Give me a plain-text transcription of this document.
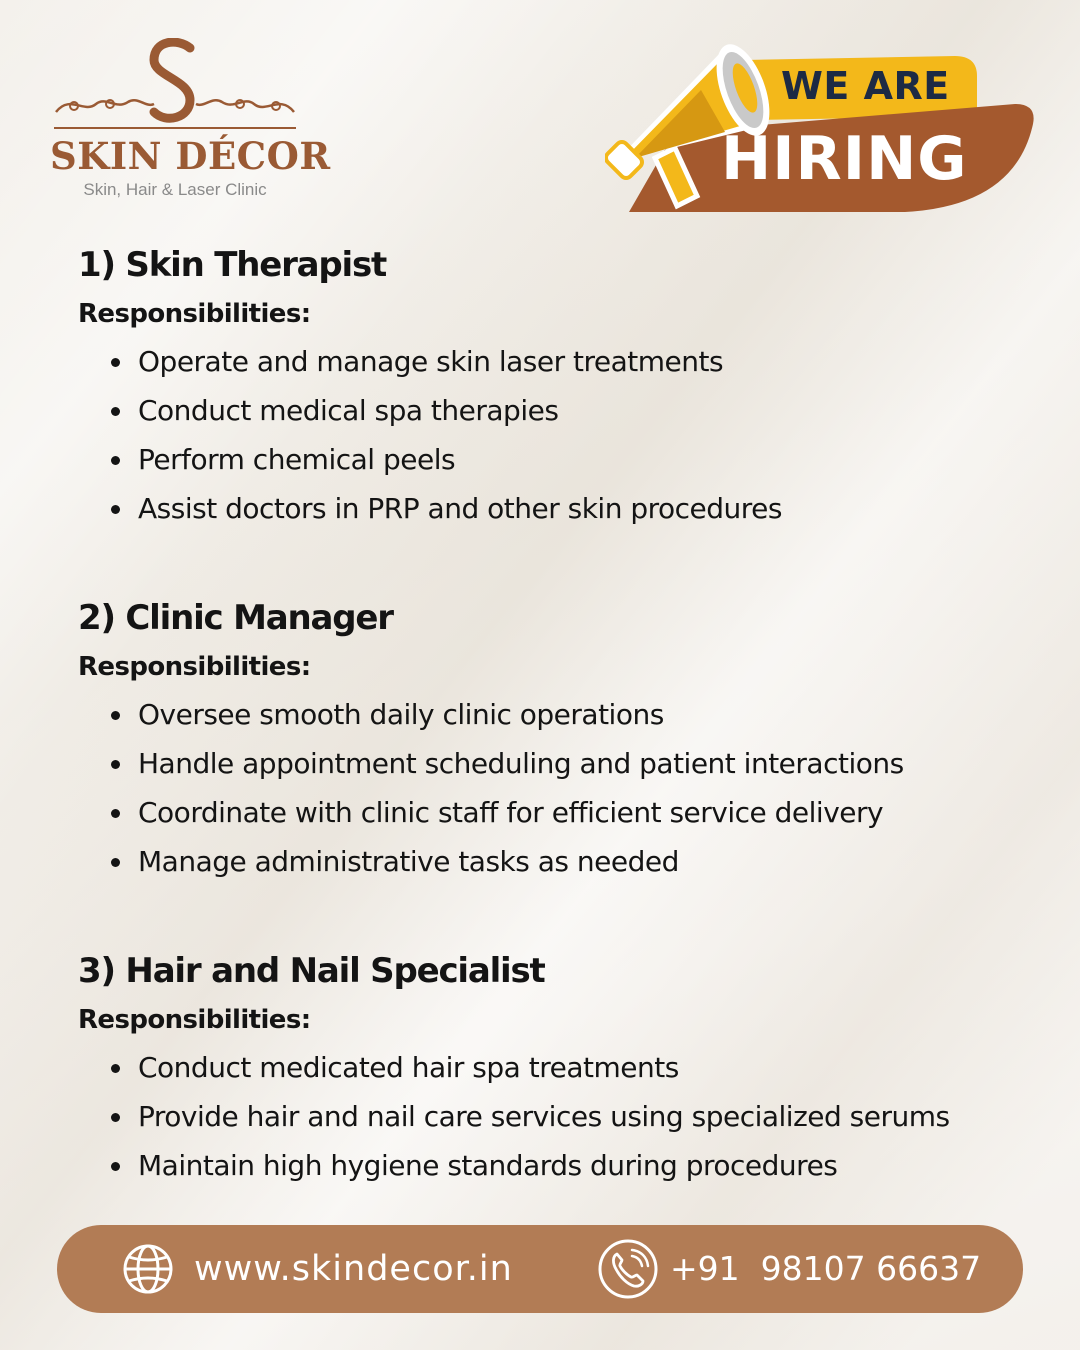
SKIN DÉCOR
Skin, Hair & Laser Clinic
WE ARE
HIRING
1) Skin Therapist
Responsibilities:
Operate and manage skin laser treatments
Conduct medical spa therapies
Perform chemical peels
Assist doctors in PRP and other skin procedures
2) Clinic Manager
Responsibilities:
Oversee smooth daily clinic operations
Handle appointment scheduling and patient interactions
Coordinate with clinic staff for efficient service delivery
Manage administrative tasks as needed
3) Hair and Nail Specialist
Responsibilities:
Conduct medicated hair spa treatments
Provide hair and nail care services using specialized serums
Maintain high hygiene standards during procedures
www.skindecor.in	+91  98107 66637
